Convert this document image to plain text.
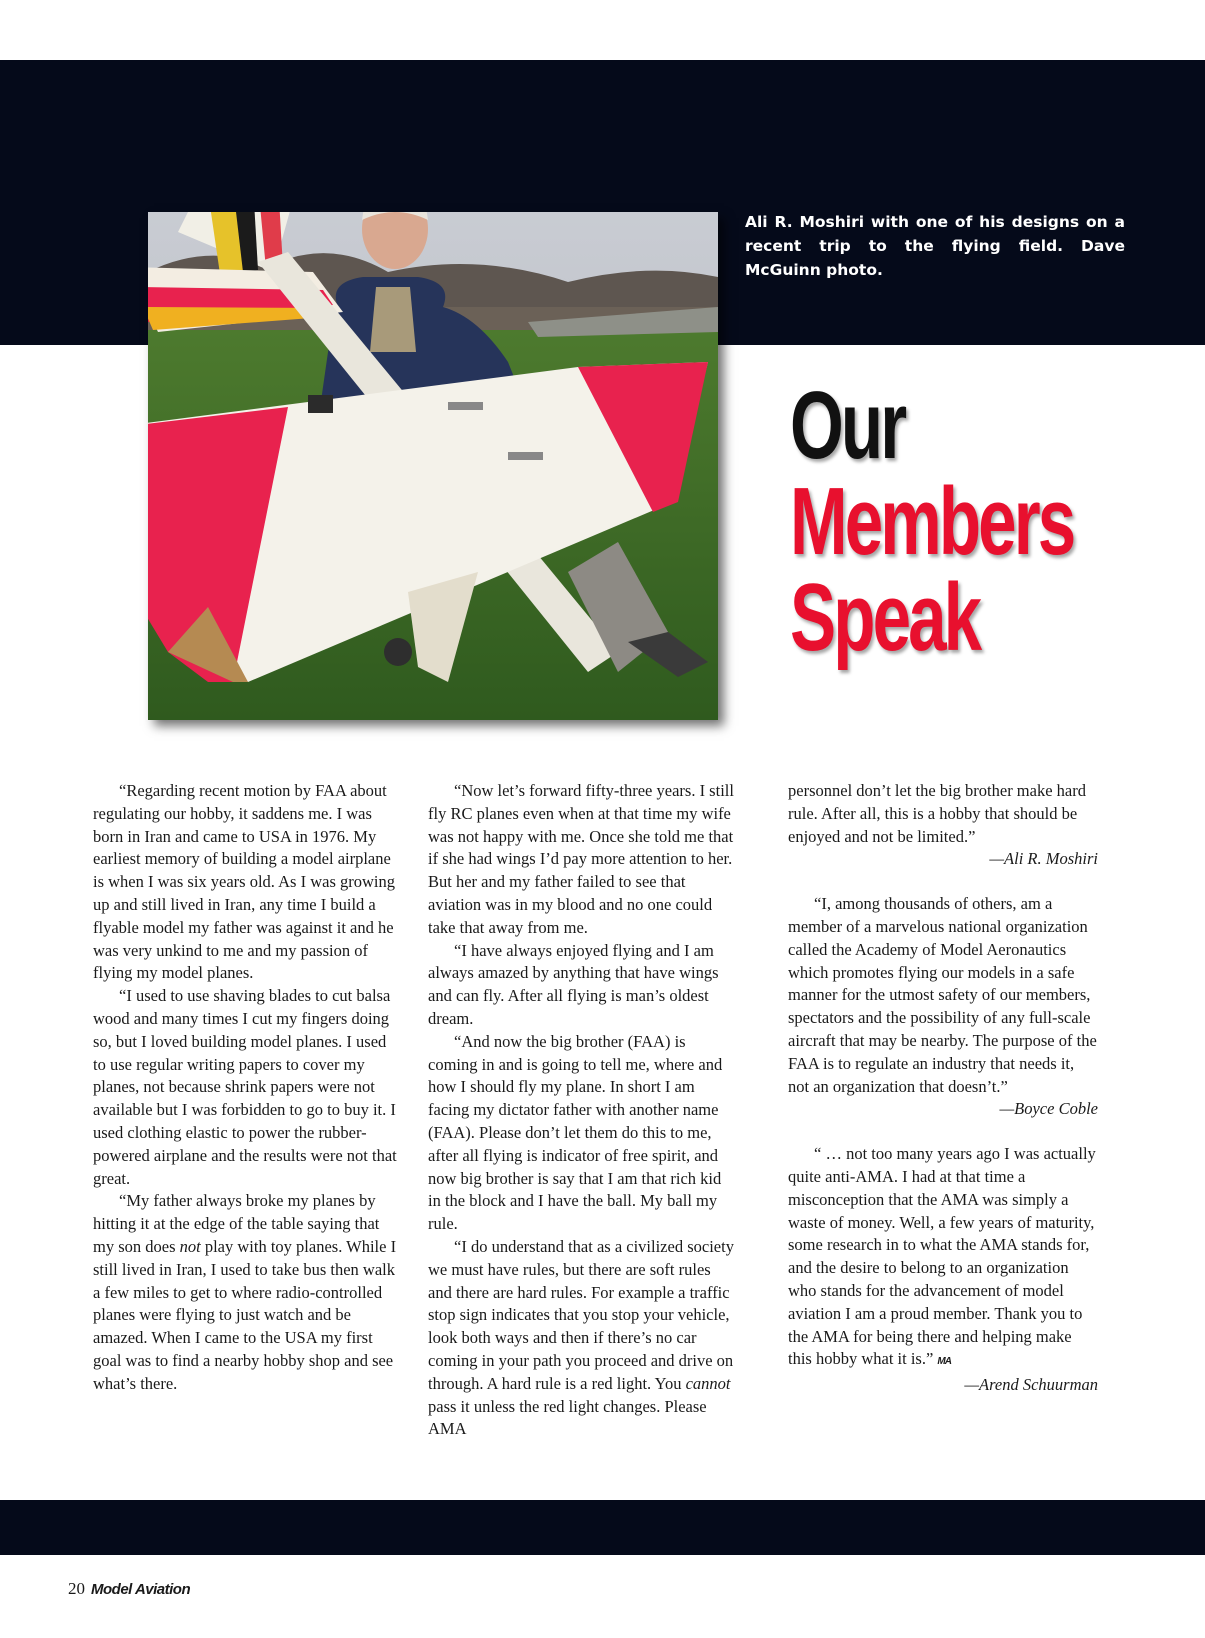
Ali R. Moshiri with one of his designs on a recent trip to the flying field. Dave McGuinn photo.

Our
Members
Speak

“Regarding recent motion by FAA about regulating our hobby, it saddens me. I was born in Iran and came to USA in 1976. My earliest memory of building a model airplane is when I was six years old. As I was growing up and still lived in Iran, any time I build a flyable model my father was against it and he was very unkind to me and my passion of flying my model planes.

“I used to use shaving blades to cut balsa wood and many times I cut my fingers doing so, but I loved building model planes. I used to use regular writing papers to cover my planes, not because shrink papers were not available but I was forbidden to go to buy it. I used clothing elastic to power the rubber-powered airplane and the results were not that great.

“My father always broke my planes by hitting it at the edge of the table saying that my son does not play with toy planes. While I still lived in Iran, I used to take bus then walk a few miles to get to where radio-controlled planes were flying to just watch and be amazed. When I came to the USA my first goal was to find a nearby hobby shop and see what’s there.

“Now let’s forward fifty-three years. I still fly RC planes even when at that time my wife was not happy with me. Once she told me that if she had wings I’d pay more attention to her. But her and my father failed to see that aviation was in my blood and no one could take that away from me.

“I have always enjoyed flying and I am always amazed by anything that have wings and can fly. After all flying is man’s oldest dream.

“And now the big brother (FAA) is coming in and is going to tell me, where and how I should fly my plane. In short I am facing my dictator father with another name (FAA). Please don’t let them do this to me, after all flying is indicator of free spirit, and now big brother is say that I am that rich kid in the block and I have the ball. My ball my rule.

“I do understand that as a civilized society we must have rules, but there are soft rules and there are hard rules. For example a traffic stop sign indicates that you stop your vehicle, look both ways and then if there’s no car coming in your path you proceed and drive on through. A hard rule is a red light. You cannot pass it unless the red light changes. Please AMA

personnel don’t let the big brother make hard rule. After all, this is a hobby that should be enjoyed and not be limited.”

—Ali R. Moshiri

“I, among thousands of others, am a member of a marvelous national organization called the Academy of Model Aeronautics which promotes flying our models in a safe manner for the utmost safety of our members, spectators and the possibility of any full-scale aircraft that may be nearby. The purpose of the FAA is to regulate an industry that needs it, not an organization that doesn’t.”

—Boyce Coble

“ … not too many years ago I was actually quite anti-AMA. I had at that time a misconception that the AMA was simply a waste of money. Well, a few years of maturity, some research in to what the AMA stands for, and the desire to belong to an organization who stands for the advancement of model aviation I am a proud member. Thank you to the AMA for being there and helping make this hobby what it is.” MA

—Arend Schuurman

20 Model Aviation
